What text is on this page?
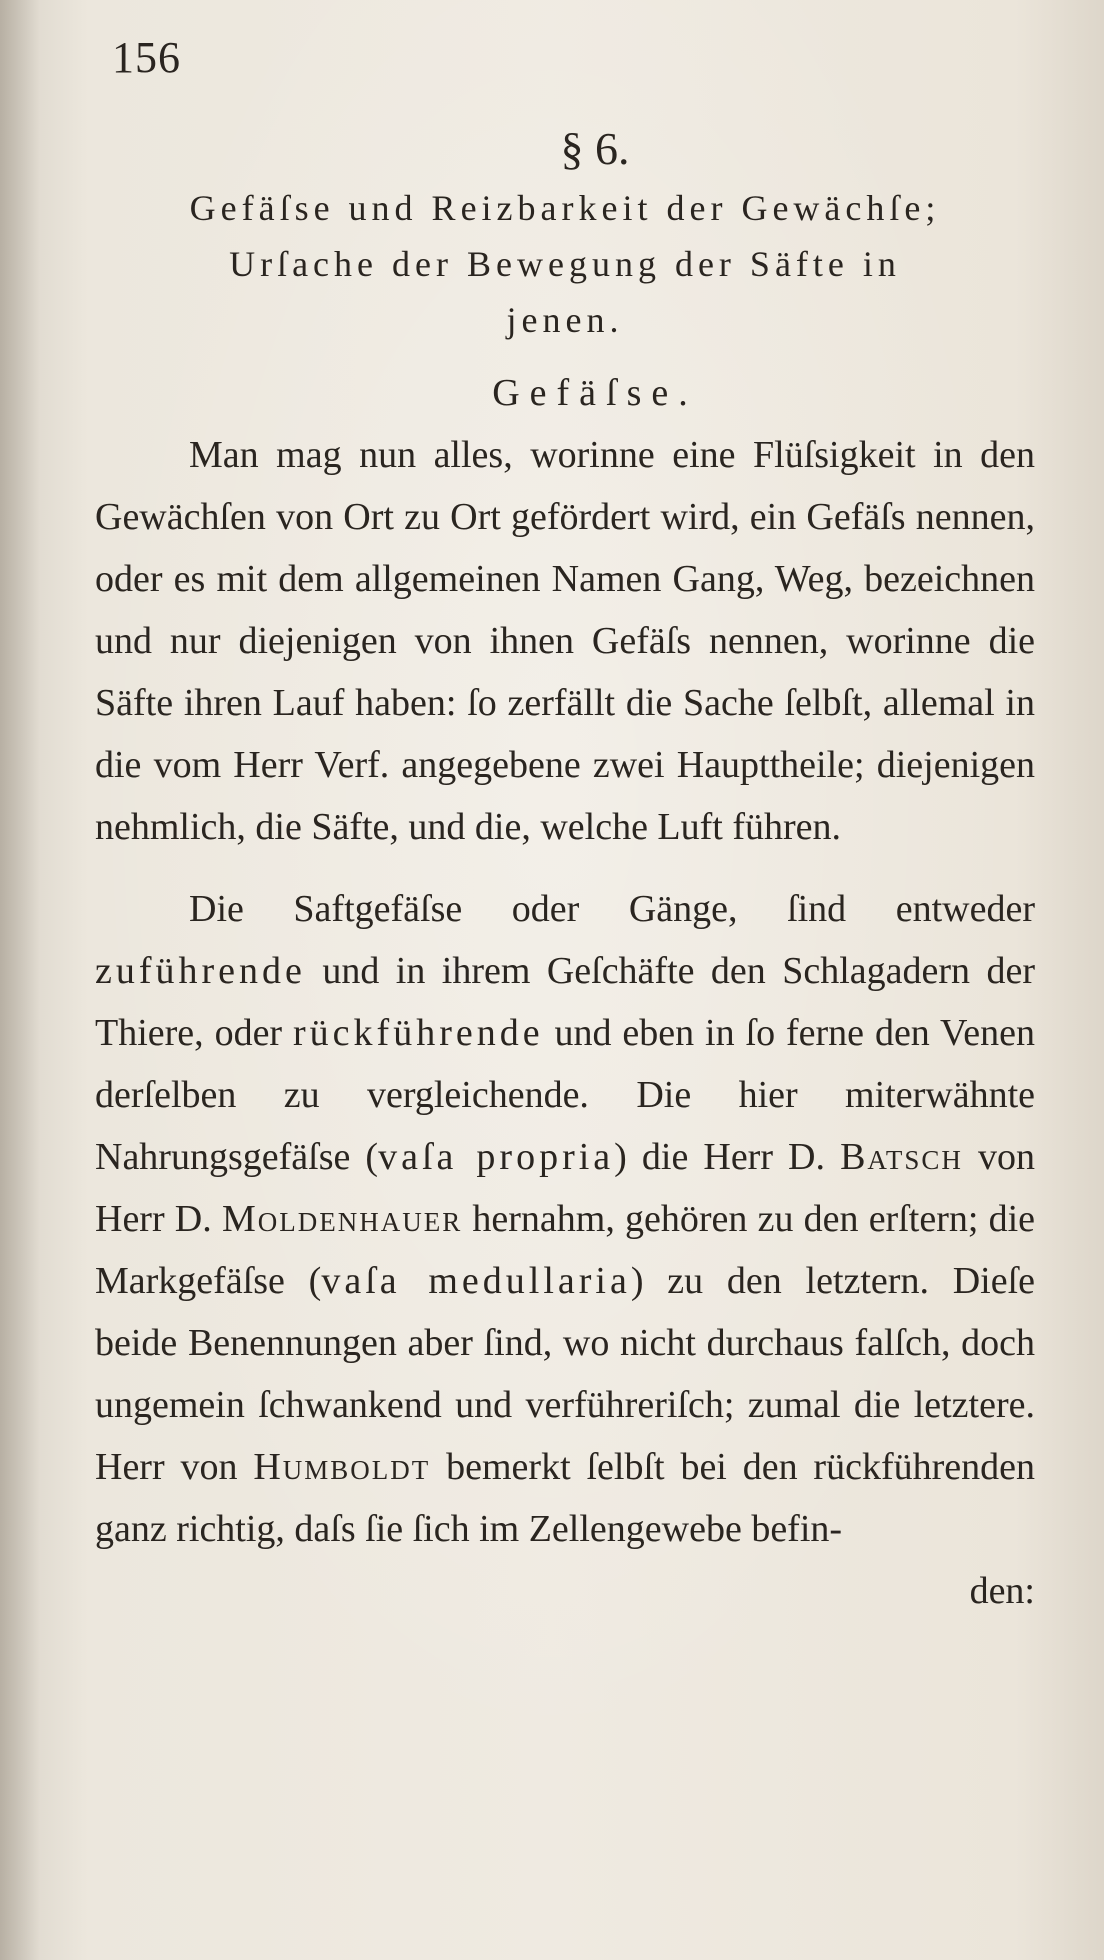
156
§ 6.

Gefäſse und Reizbarkeit der Gewächſe;

Urſache der Bewegung der Säfte in

jenen.

Gefäſse.

Man mag nun alles, worinne eine Flüſsigkeit in den Gewächſen von Ort zu Ort gefördert wird, ein Gefäſs nennen, oder es mit dem allgemeinen Namen Gang, Weg, bezeichnen und nur diejenigen von ihnen Gefäſs nennen, worinne die Säfte ihren Lauf haben: ſo zerfällt die Sache ſelbſt, allemal in die vom Herr Verf. angegebene zwei Haupttheile; diejenigen nehmlich, die Säfte, und die, welche Luft führen.

Die Saftgefäſse oder Gänge, ſind entweder zuführende und in ihrem Geſchäfte den Schlagadern der Thiere, oder rückführende und eben in ſo ferne den Venen derſelben zu vergleichende. Die hier miterwähnte Nahrungsgefäſse (vaſa propria) die Herr D. Batsch von Herr D. Moldenhauer hernahm, gehören zu den erſtern; die Markgefäſse (vaſa medullaria) zu den letztern. Dieſe beide Benennungen aber ſind, wo nicht durchaus falſch, doch ungemein ſchwankend und verführeriſch; zumal die letztere. Herr von Humboldt bemerkt ſelbſt bei den rückführenden ganz richtig, daſs ſie ſich im Zellengewebe befin-

den:
